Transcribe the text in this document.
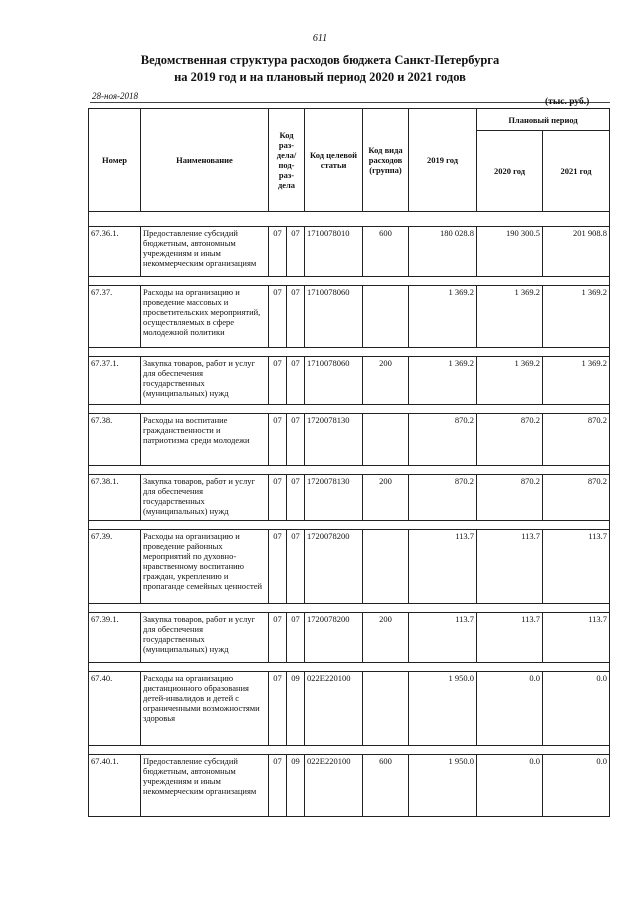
611
Ведомственная структура расходов бюджета Санкт-Петербурга
на 2019 год и на плановый период 2020 и 2021 годов
28-ноя-2018
(тыс. руб.)
Номер	Наименование	Код раз- дела/ под- раз- дела		Код целевой статьи	Код вида расходов (группа)	2019 год	Плановый период	
							2020 год	2021 год

67.36.1.	Предоставление субсидий бюджетным, автономным учреждениям и иным некоммерческим организациям	07	07	1710078010	600	180 028.8	190 300.5	201 908.8

67.37.	Расходы на организацию и проведение массовых и просветительских мероприятий, осуществляемых в сфере молодежной политики	07	07	1710078060		1 369.2	1 369.2	1 369.2

67.37.1.	Закупка товаров, работ и услуг для обеспечения государственных (муниципальных) нужд	07	07	1710078060	200	1 369.2	1 369.2	1 369.2

67.38.	Расходы на воспитание гражданственности и патриотизма среди молодежи	07	07	1720078130		870.2	870.2	870.2

67.38.1.	Закупка товаров, работ и услуг для обеспечения государственных (муниципальных) нужд	07	07	1720078130	200	870.2	870.2	870.2

67.39.	Расходы на организацию и проведение районных мероприятий по духовно-нравственному воспитанию граждан, укреплению и пропаганде семейных ценностей	07	07	1720078200		113.7	113.7	113.7

67.39.1.	Закупка товаров, работ и услуг для обеспечения государственных (муниципальных) нужд	07	07	1720078200	200	113.7	113.7	113.7

67.40.	Расходы на организацию дистанционного образования детей-инвалидов и детей с ограниченными возможностями здоровья	07	09	022E220100		1 950.0	0.0	0.0

67.40.1.	Предоставление субсидий бюджетным, автономным учреждениям и иным некоммерческим организациям	07	09	022E220100	600	1 950.0	0.0	0.0
